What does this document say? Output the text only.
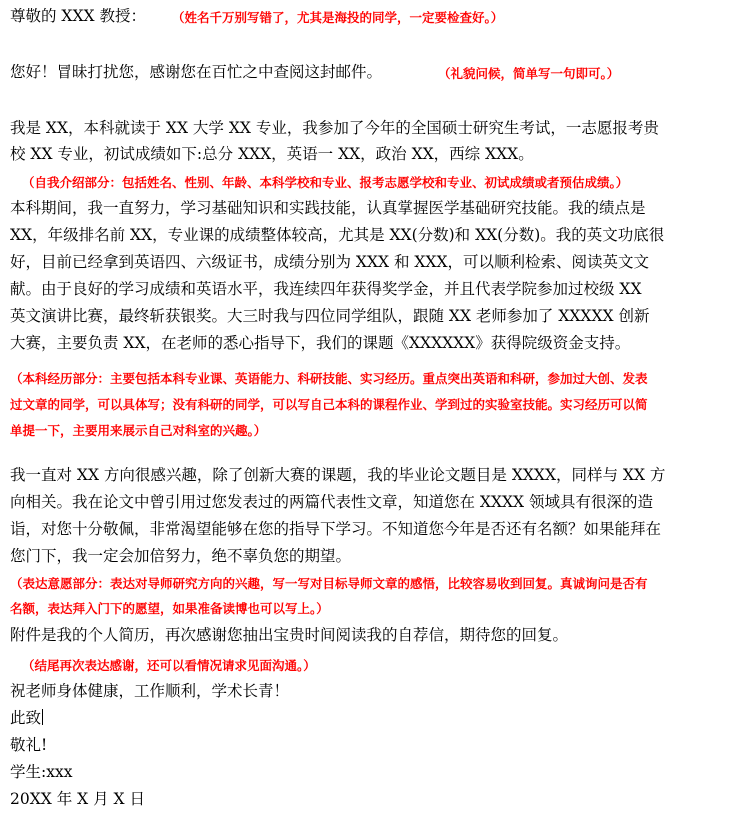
尊敬的 XXX 教授： （姓名千万别写错了，尤其是海投的同学，一定要检查好。）
您好！冒昧打扰您，感谢您在百忙之中查阅这封邮件。	（礼貌问候，简单写一句即可。）
我是 XX，本科就读于 XX 大学 XX 专业，我参加了今年的全国硕士研究生考试，一志愿报考贵
校 XX 专业，初试成绩如下:总分 XXX，英语一 XX，政治 XX，西综 XXX。
（自我介绍部分：包括姓名、性别、年龄、本科学校和专业、报考志愿学校和专业、初试成绩或者预估成绩。）
本科期间，我一直努力，学习基础知识和实践技能，认真掌握医学基础研究技能。我的绩点是
XX，年级排名前 XX，专业课的成绩整体较高，尤其是 XX(分数)和 XX(分数)。我的英文功底很
好，目前已经拿到英语四、六级证书，成绩分别为 XXX 和 XXX，可以顺利检索、阅读英文文
献。由于良好的学习成绩和英语水平，我连续四年获得奖学金，并且代表学院参加过校级 XX
英文演讲比赛，最终斩获银奖。大三时我与四位同学组队，跟随 XX 老师参加了 XXXXX 创新
大赛，主要负责 XX，在老师的悉心指导下，我们的课题《XXXXXX》获得院级资金支持。
（本科经历部分：主要包括本科专业课、英语能力、科研技能、实习经历。重点突出英语和科研，参加过大创、发表
过文章的同学，可以具体写；没有科研的同学，可以写自己本科的课程作业、学到过的实验室技能。实习经历可以简
单提一下，主要用来展示自己对科室的兴趣。）
我一直对 XX 方向很感兴趣，除了创新大赛的课题，我的毕业论文题目是 XXXX，同样与 XX 方
向相关。我在论文中曾引用过您发表过的两篇代表性文章，知道您在 XXXX 领域具有很深的造
诣，对您十分敬佩，非常渴望能够在您的指导下学习。不知道您今年是否还有名额？如果能拜在
您门下，我一定会加倍努力，绝不辜负您的期望。
（表达意愿部分：表达对导师研究方向的兴趣，写一写对目标导师文章的感悟，比较容易收到回复。真诚询问是否有
名额，表达拜入门下的愿望，如果准备读博也可以写上。）
附件是我的个人简历，再次感谢您抽出宝贵时间阅读我的自荐信，期待您的回复。
（结尾再次表达感谢，还可以看情况请求见面沟通。）
祝老师身体健康，工作顺利，学术长青！
此致
敬礼!
学生:xxx
20XX 年 X 月 X 日
